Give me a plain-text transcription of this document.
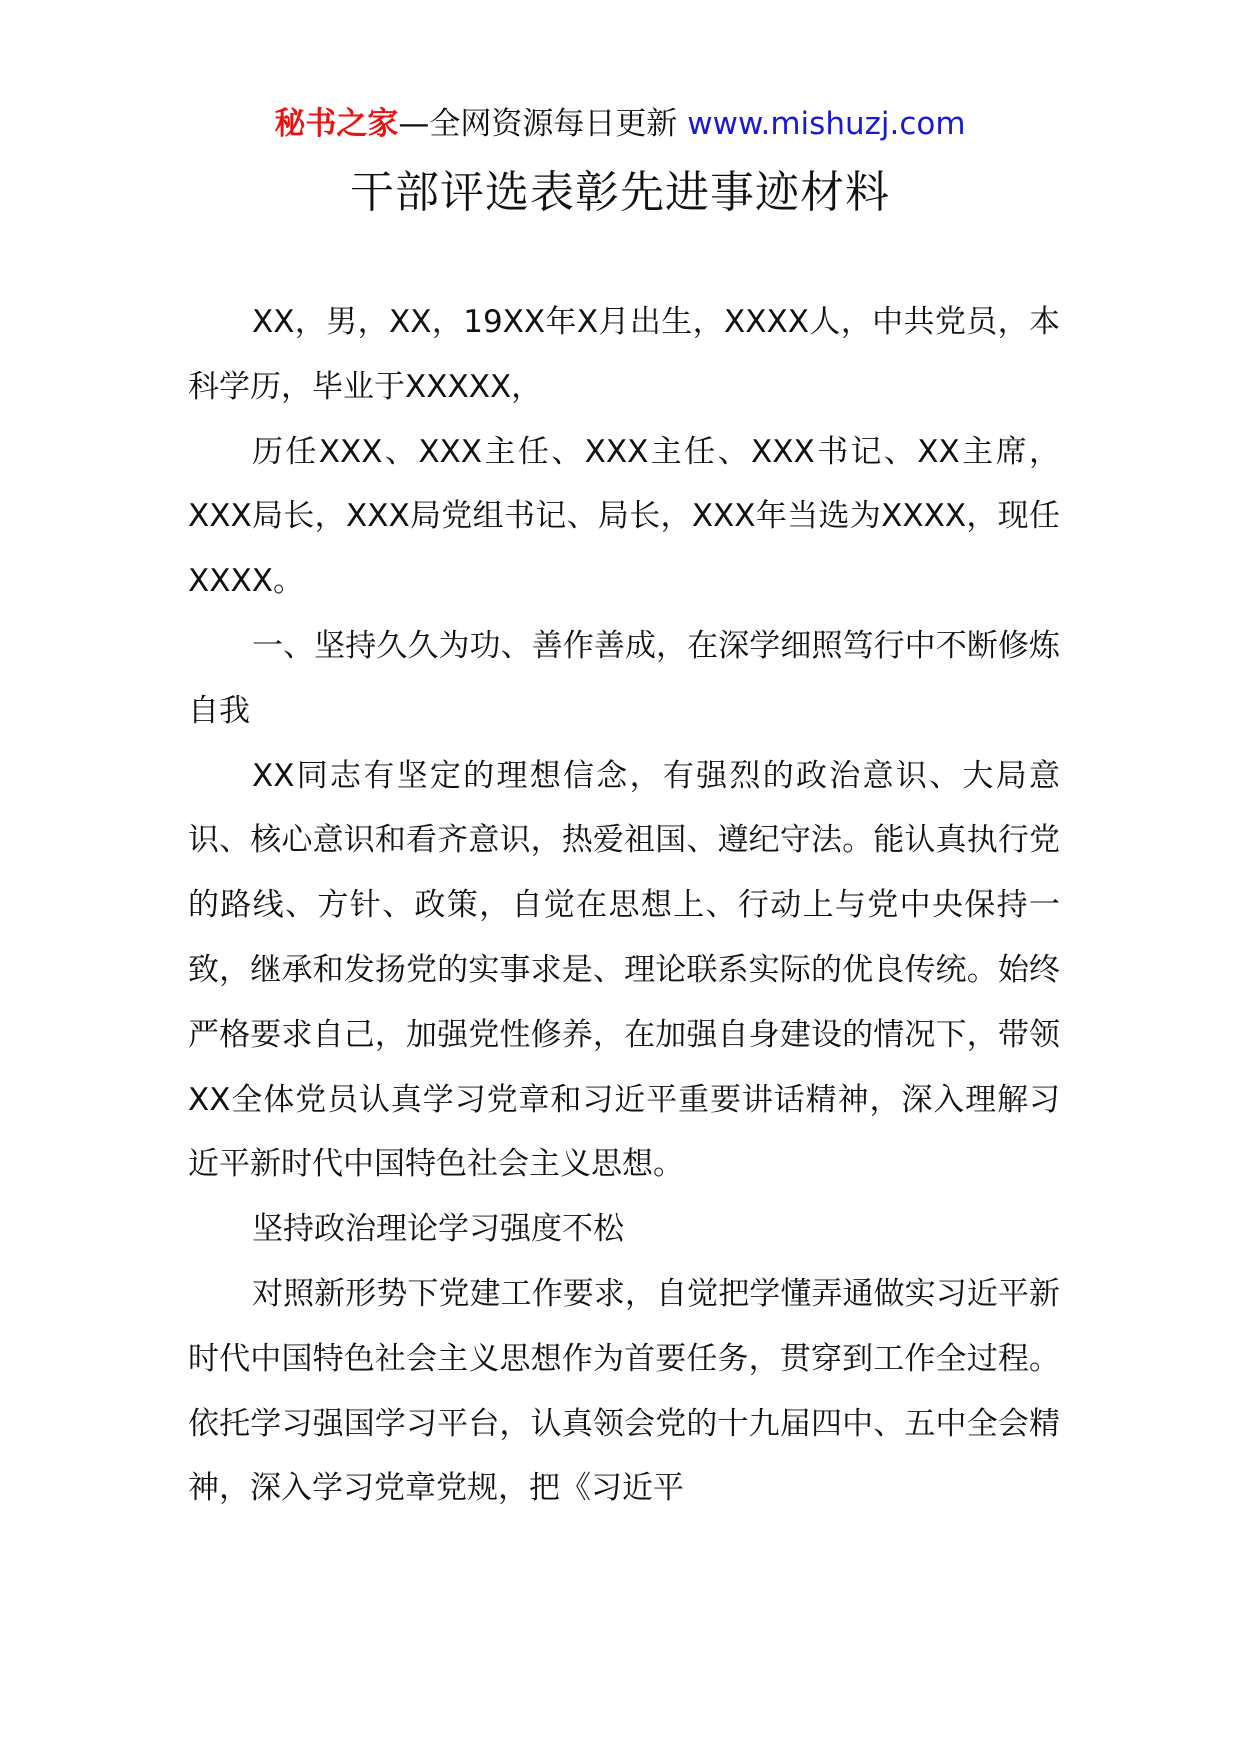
秘书之家—全网资源每日更新 www.mishuzj.com
干部评选表彰先进事迹材料

XX，男，XX，19XX年X月出生，XXXX人，中共党员，本科学历，毕业于XXXXX，

历任XXX、XXX主任、XXX主任、XXX书记、XX主席，XXX局长，XXX局党组书记、局长，XXX年当选为XXXX，现任XXXX。

一、坚持久久为功、善作善成，在深学细照笃行中不断修炼自我

XX同志有坚定的理想信念，有强烈的政治意识、大局意识、核心意识和看齐意识，热爱祖国、遵纪守法。能认真执行党的路线、方针、政策，自觉在思想上、行动上与党中央保持一致，继承和发扬党的实事求是、理论联系实际的优良传统。始终严格要求自己，加强党性修养，在加强自身建设的情况下，带领XX全体党员认真学习党章和习近平重要讲话精神，深入理解习近平新时代中国特色社会主义思想。

坚持政治理论学习强度不松

对照新形势下党建工作要求，自觉把学懂弄通做实习近平新时代中国特色社会主义思想作为首要任务，贯穿到工作全过程。依托学习强国学习平台，认真领会党的十九届四中、五中全会精神，深入学习党章党规，把《习近平
